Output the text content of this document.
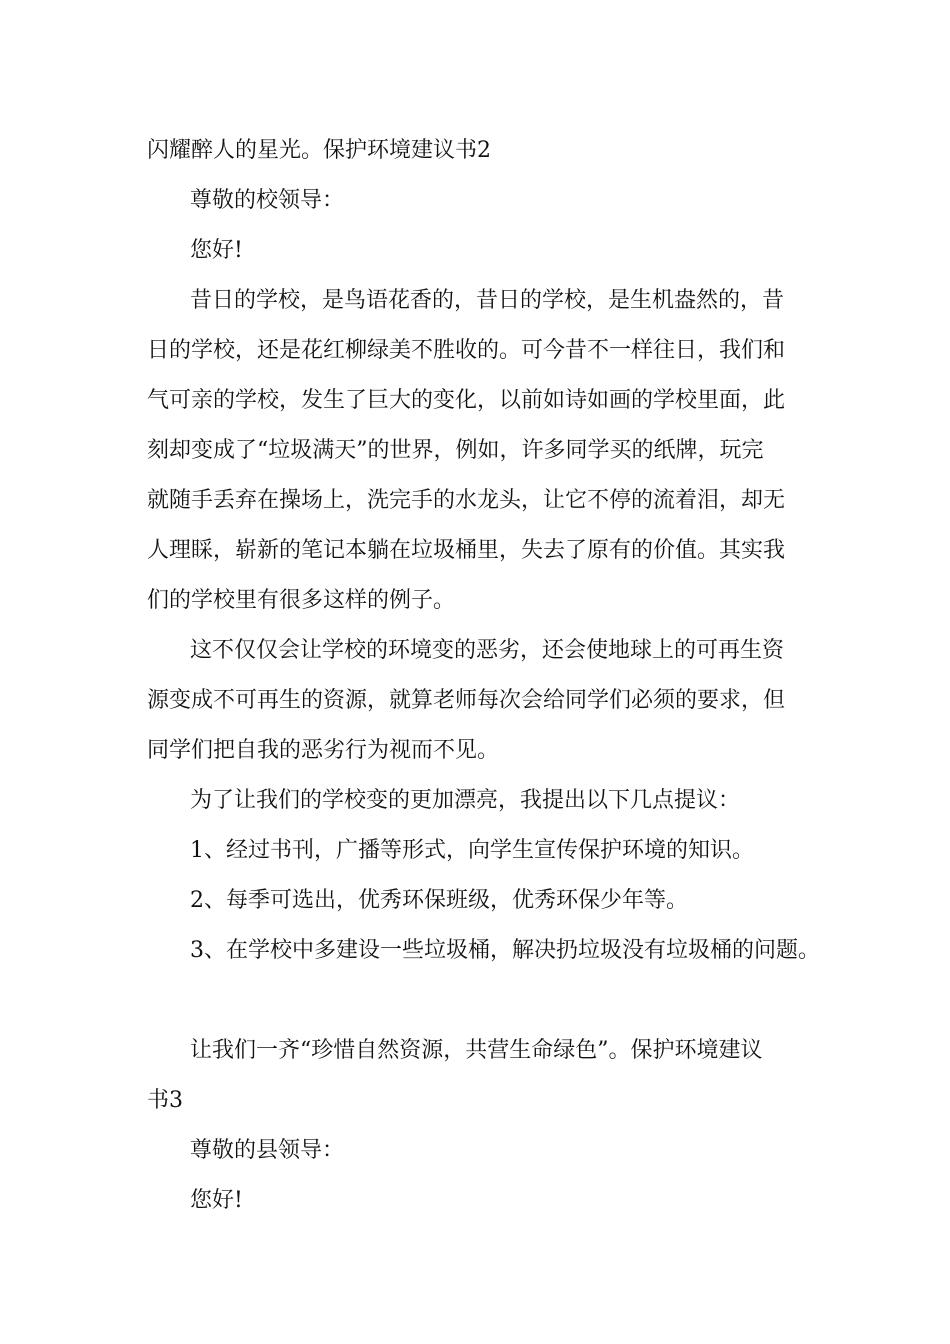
闪耀醉人的星光。保护环境建议书2
尊敬的校领导：
您好!
昔日的学校，是鸟语花香的，昔日的学校，是生机盎然的，昔
日的学校，还是花红柳绿美不胜收的。可今昔不一样往日，我们和
气可亲的学校，发生了巨大的变化，以前如诗如画的学校里面，此
刻却变成了“垃圾满天”的世界，例如，许多同学买的纸牌，玩完
就随手丢弃在操场上，洗完手的水龙头，让它不停的流着泪，却无
人理睬，崭新的笔记本躺在垃圾桶里，失去了原有的价值。其实我
们的学校里有很多这样的例子。
这不仅仅会让学校的环境变的恶劣，还会使地球上的可再生资
源变成不可再生的资源，就算老师每次会给同学们必须的要求，但
同学们把自我的恶劣行为视而不见。
为了让我们的学校变的更加漂亮，我提出以下几点提议：
1、经过书刊，广播等形式，向学生宣传保护环境的知识。
2、每季可选出，优秀环保班级，优秀环保少年等。
3、在学校中多建设一些垃圾桶，解决扔垃圾没有垃圾桶的问题。
让我们一齐“珍惜自然资源，共营生命绿色”。保护环境建议
书3
尊敬的县领导：
您好!
